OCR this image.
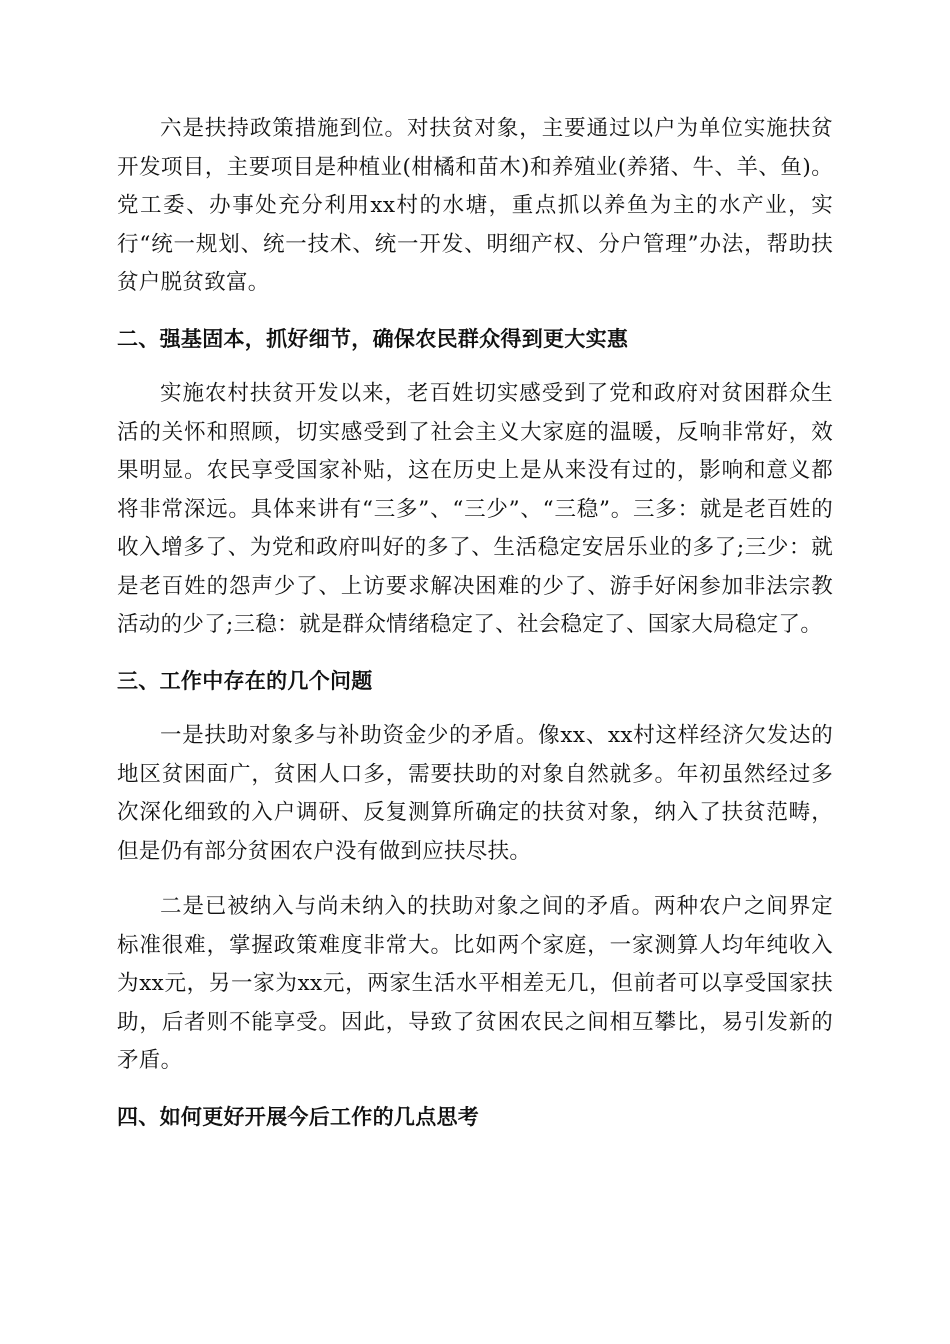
六是扶持政策措施到位。对扶贫对象，主要通过以户为单位实施扶贫开发项目，主要项目是种植业(柑橘和苗木)和养殖业(养猪、牛、羊、鱼)。党工委、办事处充分利用xx村的水塘，重点抓以养鱼为主的水产业，实行“统一规划、统一技术、统一开发、明细产权、分户管理”办法，帮助扶贫户脱贫致富。

二、强基固本，抓好细节，确保农民群众得到更大实惠

实施农村扶贫开发以来，老百姓切实感受到了党和政府对贫困群众生活的关怀和照顾，切实感受到了社会主义大家庭的温暖，反响非常好，效果明显。农民享受国家补贴，这在历史上是从来没有过的，影响和意义都将非常深远。具体来讲有“三多”、“三少”、“三稳”。三多：就是老百姓的收入增多了、为党和政府叫好的多了、生活稳定安居乐业的多了;三少：就是老百姓的怨声少了、上访要求解决困难的少了、游手好闲参加非法宗教活动的少了;三稳：就是群众情绪稳定了、社会稳定了、国家大局稳定了。

三、工作中存在的几个问题

一是扶助对象多与补助资金少的矛盾。像xx、xx村这样经济欠发达的地区贫困面广，贫困人口多，需要扶助的对象自然就多。年初虽然经过多次深化细致的入户调研、反复测算所确定的扶贫对象，纳入了扶贫范畴，但是仍有部分贫困农户没有做到应扶尽扶。

二是已被纳入与尚未纳入的扶助对象之间的矛盾。两种农户之间界定标准很难，掌握政策难度非常大。比如两个家庭，一家测算人均年纯收入为xx元，另一家为xx元，两家生活水平相差无几，但前者可以享受国家扶助，后者则不能享受。因此，导致了贫困农民之间相互攀比，易引发新的矛盾。

四、如何更好开展今后工作的几点思考
